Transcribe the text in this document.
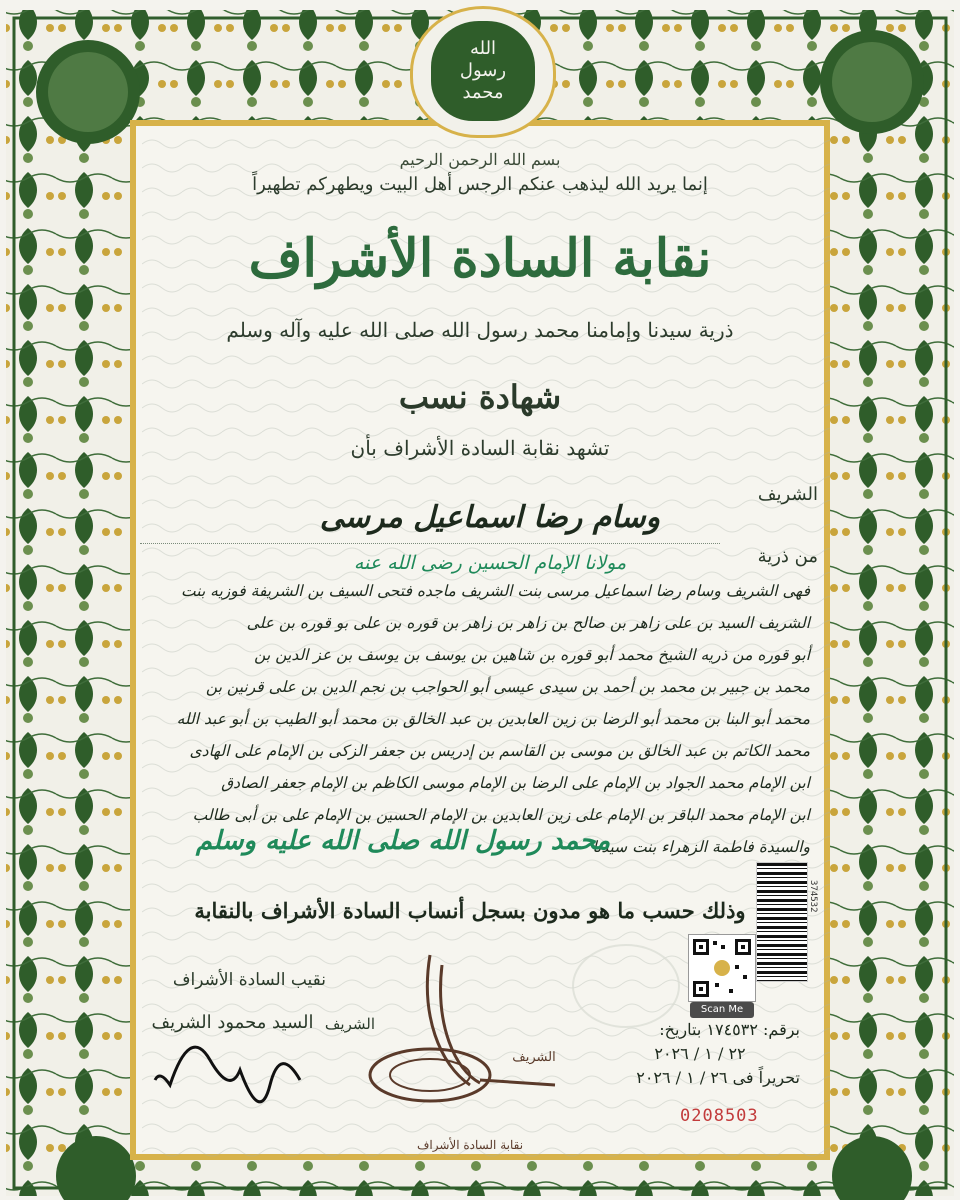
الله
رسول
محمد
بسم الله الرحمن الرحيم
إنما يريد الله ليذهب عنكم الرجس أهل البيت ويطهركم تطهيراً
نقابة السادة الأشراف
ذرية سيدنا وإمامنا محمد رسول الله صلى الله عليه وآله وسلم
شهادة نسب
تشهد نقابة السادة الأشراف بأن
الشريف
وسام رضا اسماعيل مرسى
من ذرية
مولانا الإمام الحسين رضى الله عنه
فهى الشريف وسام رضا اسماعيل مرسى بنت الشريف ماجده فتحى السيف بن الشريفة فوزيه بنت
الشريف السيد بن على زاهر بن صالح بن زاهر بن زاهر بن قوره بن على بو قوره بن على
أبو قوره من ذريه الشيخ محمد أبو قوره بن شاهين بن يوسف بن يوسف بن عز الدين بن
محمد بن جبير بن محمد بن أحمد بن سيدى عيسى أبو الحواجب بن نجم الدين بن على قرنين بن
محمد أبو البنا بن محمد أبو الرضا بن زين العابدين بن عبد الخالق بن محمد أبو الطيب بن أبو عبد الله
محمد الكاتم بن عبد الخالق بن موسى بن القاسم بن إدريس بن جعفر الزكى بن الإمام على الهادى
ابن الإمام محمد الجواد بن الإمام على الرضا بن الإمام موسى الكاظم بن الإمام جعفر الصادق
ابن الإمام محمد الباقر بن الإمام على زين العابدين بن الإمام الحسين بن الإمام على بن أبى طالب
والسيدة فاطمة الزهراء بنت سيدنا
محمد رسول الله صلى الله عليه وسلم
وذلك حسب ما هو مدون بسجل أنساب السادة الأشراف بالنقابة
نقيب السادة الأشراف
الشريف
السيد محمود الشريف
الشريف
نقابة السادة الأشراف
برقم: ١٧٤٥٣٢ بتاريخ:
٢٢ / ١ / ٢٠٢٦
تحريراً فى ٢٦ / ١ / ٢٠٢٦
374532
Scan Me
0208503
